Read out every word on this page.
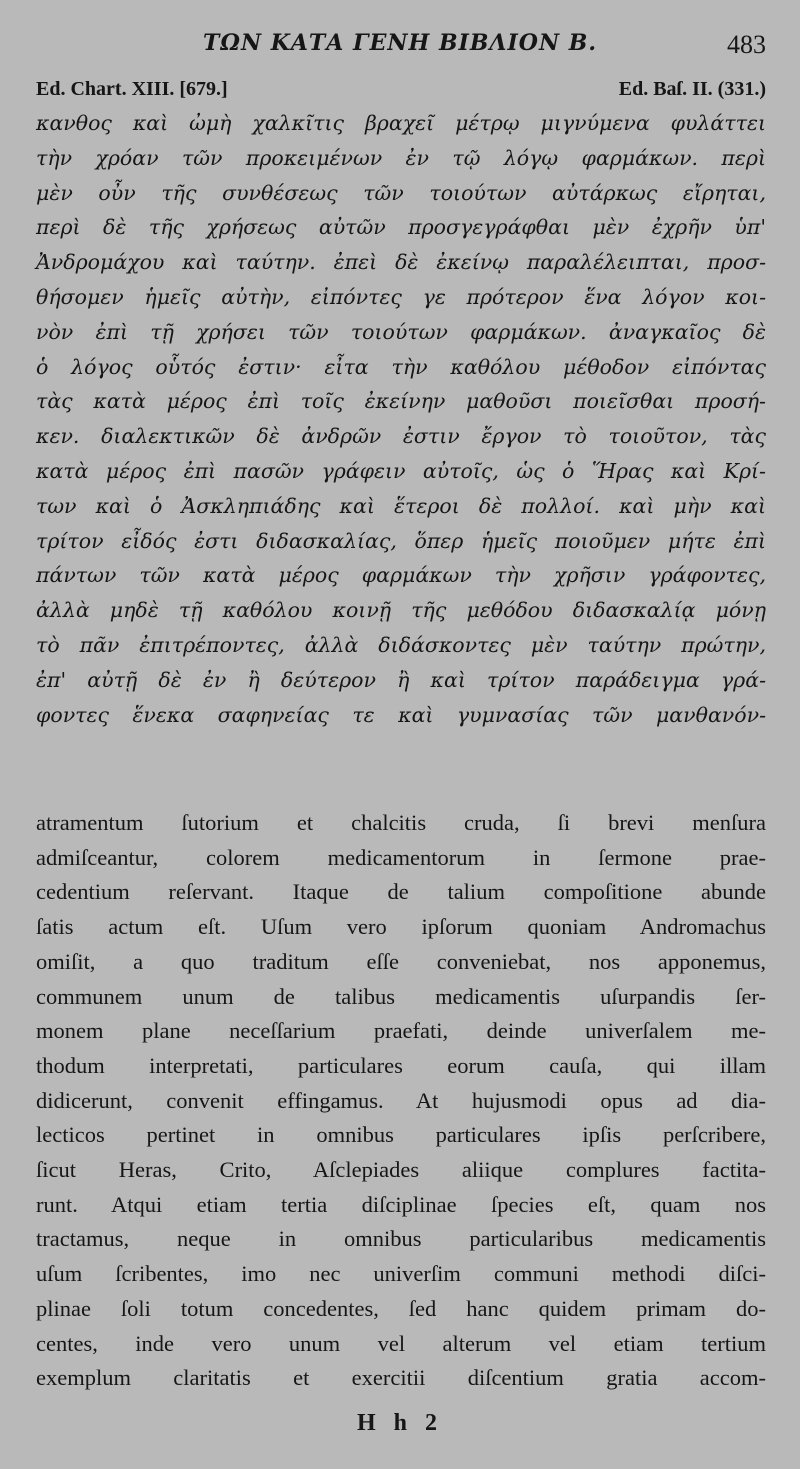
ΤΩΝ ΚΑΤΑ ΓΕΝΗ ΒΙΒΛΙΟΝ Β.	483
Ed. Chart. XIII. [679.]	Ed. Baſ. II. (331.)
κανθος καὶ ὠμὴ χαλκῖτις βραχεῖ μέτρῳ μιγνύμενα φυλάττει
τὴν χρόαν τῶν προκειμένων ἐν τῷ λόγῳ φαρμάκων. περὶ
μὲν οὖν τῆς συνθέσεως τῶν τοιούτων αὐτάρκως εἴρηται,
περὶ δὲ τῆς χρήσεως αὐτῶν προσγεγράφθαι μὲν ἐχρῆν ὑπ'
Ἀνδρομάχου καὶ ταύτην. ἐπεὶ δὲ ἐκείνῳ παραλέλειπται, προσ-
θήσομεν ἡμεῖς αὐτὴν, εἰπόντες γε πρότερον ἕνα λόγον κοι-
νὸν ἐπὶ τῇ χρήσει τῶν τοιούτων φαρμάκων. ἀναγκαῖος δὲ
ὁ λόγος οὗτός ἐστιν· εἶτα τὴν καθόλου μέθοδον εἰπόντας
τὰς κατὰ μέρος ἐπὶ τοῖς ἐκείνην μαθοῦσι ποιεῖσθαι προσή-
κεν. διαλεκτικῶν δὲ ἀνδρῶν ἐστιν ἔργον τὸ τοιοῦτον, τὰς
κατὰ μέρος ἐπὶ πασῶν γράφειν αὐτοῖς, ὡς ὁ Ἥρας καὶ Κρί-
των καὶ ὁ Ἀσκληπιάδης καὶ ἕτεροι δὲ πολλοί. καὶ μὴν καὶ
τρίτον εἶδός ἐστι διδασκαλίας, ὅπερ ἡμεῖς ποιοῦμεν μήτε ἐπὶ
πάντων τῶν κατὰ μέρος φαρμάκων τὴν χρῆσιν γράφοντες,
ἀλλὰ μηδὲ τῇ καθόλου κοινῇ τῆς μεθόδου διδασκαλίᾳ μόνῃ
τὸ πᾶν ἐπιτρέποντες, ἀλλὰ διδάσκοντες μὲν ταύτην πρώτην,
ἐπ' αὐτῇ δὲ ἐν ἢ δεύτερον ἢ καὶ τρίτον παράδειγμα γρά-
φοντες ἕνεκα σαφηνείας τε καὶ γυμνασίας τῶν μανθανόν-
atramentum ſutorium et chalcitis cruda, ſi brevi menſura
admiſceantur, colorem medicamentorum in ſermone prae-
cedentium reſervant. Itaque de talium compoſitione abunde
ſatis actum eſt. Uſum vero ipſorum quoniam Andromachus
omiſit, a quo traditum eſſe conveniebat, nos apponemus,
communem unum de talibus medicamentis uſurpandis ſer-
monem plane neceſſarium praefati, deinde univerſalem me-
thodum interpretati, particulares eorum cauſa, qui illam
didicerunt, convenit effingamus. At hujusmodi opus ad dia-
lecticos pertinet in omnibus particulares ipſis perſcribere,
ſicut Heras, Crito, Aſclepiades aliique complures factita-
runt. Atqui etiam tertia diſciplinae ſpecies eſt, quam nos
tractamus, neque in omnibus particularibus medicamentis
uſum ſcribentes, imo nec univerſim communi methodi diſci-
plinae ſoli totum concedentes, ſed hanc quidem primam do-
centes, inde vero unum vel alterum vel etiam tertium
exemplum claritatis et exercitii diſcentium gratia accom-
H h 2
